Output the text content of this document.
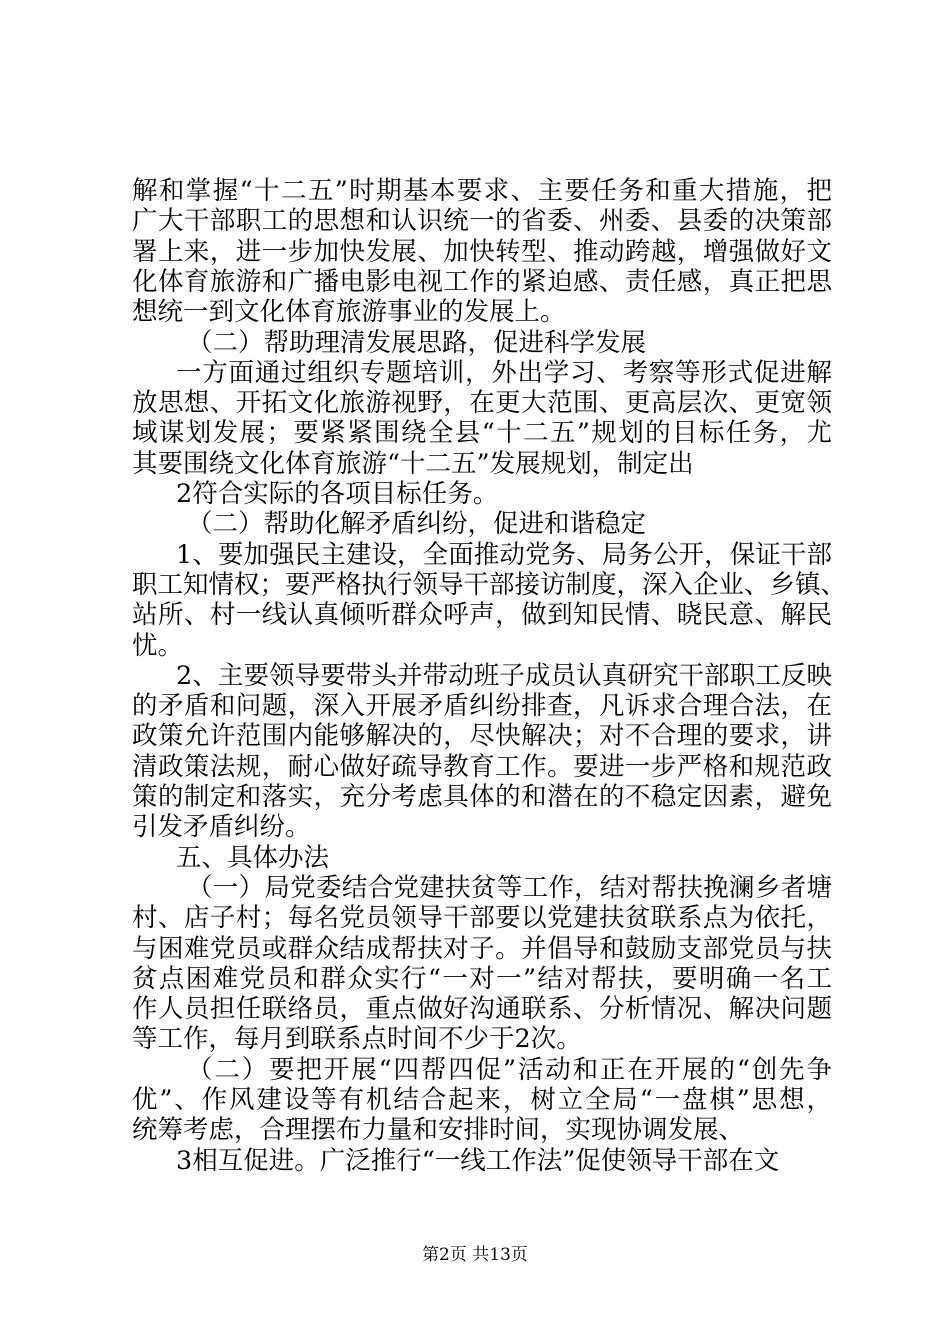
解和掌握“十二五”时期基本要求、主要任务和重大措施，把
广大干部职工的思想和认识统一的省委、州委、县委的决策部
署上来，进一步加快发展、加快转型、推动跨越，增强做好文
化体育旅游和广播电影电视工作的紧迫感、责任感，真正把思
想统一到文化体育旅游事业的发展上。
（二）帮助理清发展思路，促进科学发展
一方面通过组织专题培训，外出学习、考察等形式促进解
放思想、开拓文化旅游视野，在更大范围、更高层次、更宽领
域谋划发展；要紧紧围绕全县“十二五”规划的目标任务，尤
其要围绕文化体育旅游“十二五”发展规划，制定出
2符合实际的各项目标任务。
（二）帮助化解矛盾纠纷，促进和谐稳定
1、要加强民主建设，全面推动党务、局务公开，保证干部
职工知情权；要严格执行领导干部接访制度，深入企业、乡镇、
站所、村一线认真倾听群众呼声，做到知民情、晓民意、解民
忧。
2、主要领导要带头并带动班子成员认真研究干部职工反映
的矛盾和问题，深入开展矛盾纠纷排查，凡诉求合理合法，在
政策允许范围内能够解决的，尽快解决；对不合理的要求，讲
清政策法规，耐心做好疏导教育工作。要进一步严格和规范政
策的制定和落实，充分考虑具体的和潜在的不稳定因素，避免
引发矛盾纠纷。
五、具体办法
（一）局党委结合党建扶贫等工作，结对帮扶挽澜乡者塘
村、店子村；每名党员领导干部要以党建扶贫联系点为依托，
与困难党员或群众结成帮扶对子。并倡导和鼓励支部党员与扶
贫点困难党员和群众实行“一对一”结对帮扶，要明确一名工
作人员担任联络员，重点做好沟通联系、分析情况、解决问题
等工作，每月到联系点时间不少于2次。
（二）要把开展“四帮四促”活动和正在开展的“创先争
优”、作风建设等有机结合起来，树立全局“一盘棋”思想，
统筹考虑，合理摆布力量和安排时间，实现协调发展、
3相互促进。广泛推行“一线工作法”促使领导干部在文
第2页 共13页
